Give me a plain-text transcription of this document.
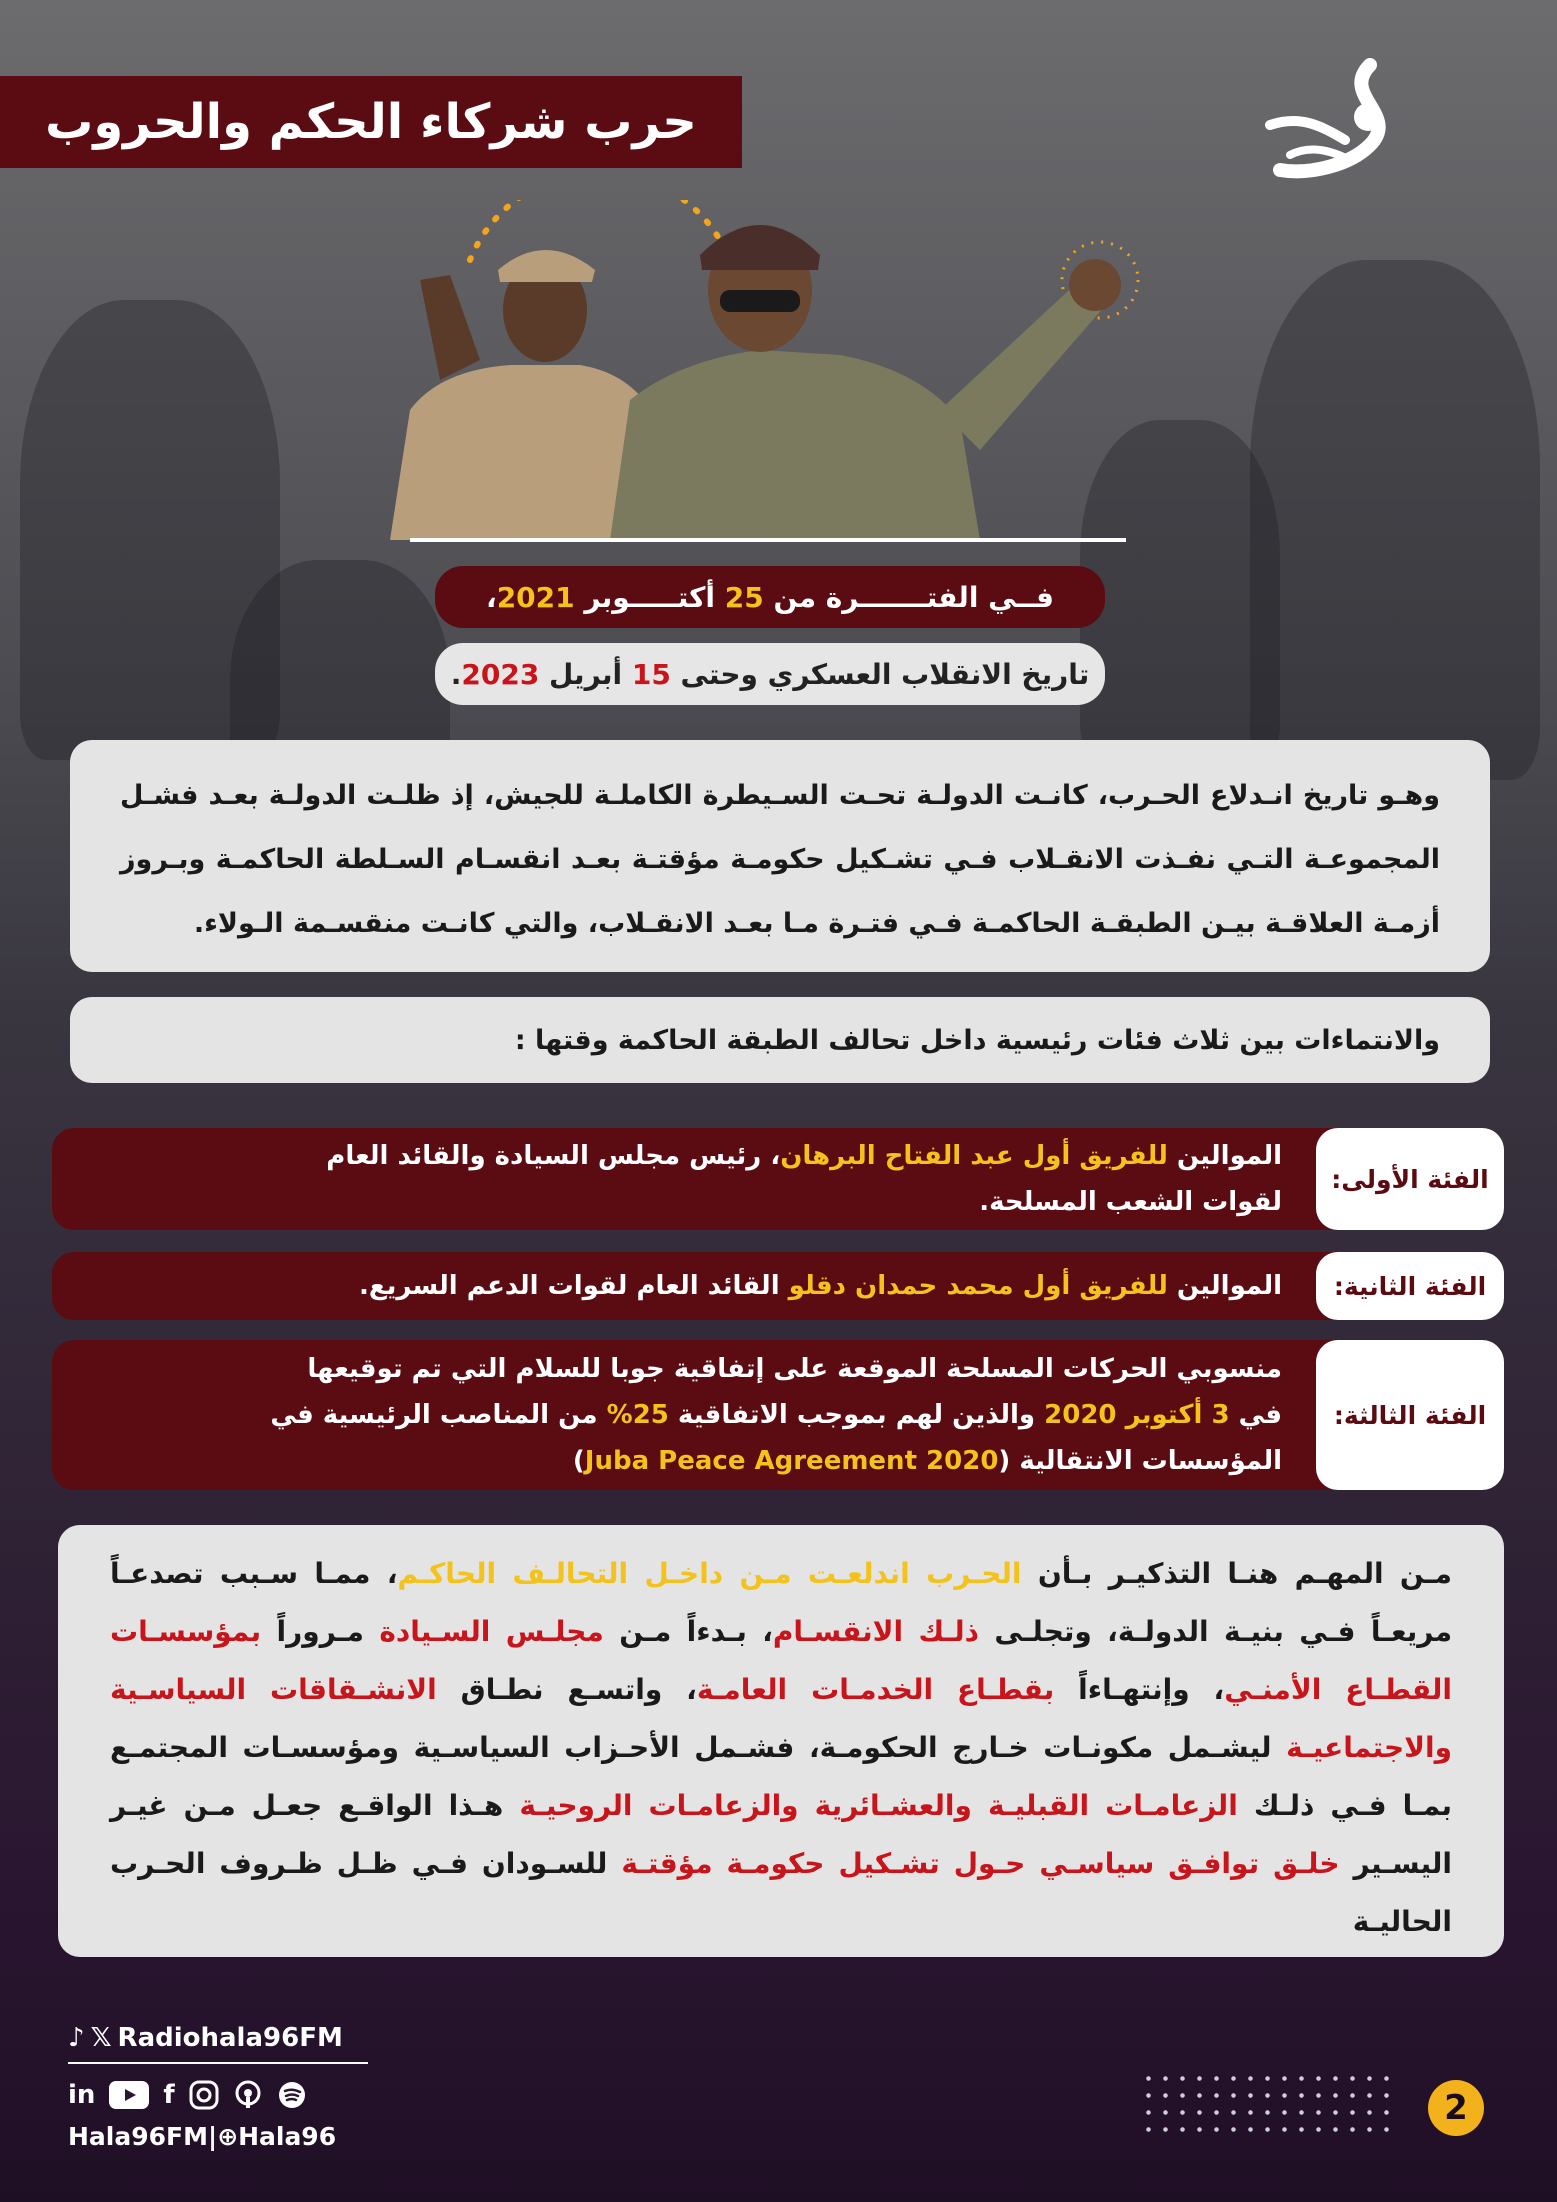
حرب شركاء الحكم والحروب
فــي الفتـــــــرة من 25 أكتـــــوبر 2021،
تاريخ الانقلاب العسكري وحتى 15 أبريل 2023.
وهـو تاريخ انـدلاع الحـرب، كانـت الدولـة تحـت السـيطرة الكاملـة للجيش، إذ ظلـت الدولـة بعـد فشـل المجموعـة التـي نفـذت الانقـلاب فـي تشـكيل حكومـة مؤقتـة بعـد انقسـام السـلطة الحاكمـة وبـروز أزمـة العلاقـة بيـن الطبقـة الحاكمـة فـي فتـرة مـا بعـد الانقـلاب، والتي كانـت منقسـمة الـولاء.
والانتماءات بين ثلاث فئات رئيسية داخل تحالف الطبقة الحاكمة وقتها :
الفئة الأولى:
الموالين للفريق أول عبد الفتاح البرهان، رئيس مجلس السيادة والقائد العام
لقوات الشعب المسلحة.
الفئة الثانية:
الموالين للفريق أول محمد حمدان دقلو القائد العام لقوات الدعم السريع.
الفئة الثالثة:
منسوبي الحركات المسلحة الموقعة على إتفاقية جوبا للسلام التي تم توقيعها
في 3 أكتوبر 2020 والذين لهم بموجب الاتفاقية 25% من المناصب الرئيسية في
المؤسسات الانتقالية (Juba Peace Agreement 2020)
مـن المهـم هنـا التذكيـر بـأن الحـرب اندلعـت مـن داخـل التحالـف الحاكـم، ممـا سـبب تصدعـاً مريعـاً فـي بنيـة الدولـة، وتجلـى ذلـك الانقسـام، بـدءاً مـن مجلـس السـيادة مـروراً بمؤسسـات القطـاع الأمنـي، وإنتهـاءاً بقطـاع الخدمـات العامـة، واتسـع نطـاق الانشـقاقات السياسـية والاجتماعيـة ليشـمل مكونـات خـارج الحكومـة، فشـمل الأحـزاب السياسـية ومؤسسـات المجتمـع بمـا فـي ذلـك الزعامـات القبليـة والعشـائرية والزعامـات الروحيـة هـذا الواقـع جعـل مـن غيـر اليسـير خلـق توافـق سياسـي حـول تشـكيل حكومـة مؤقتـة للسـودان فـي ظـل ظـروف الحـرب الحاليـة
♪ 𝕏 Radiohala96FM
in	f
Hala96FM|⊕Hala96
2
